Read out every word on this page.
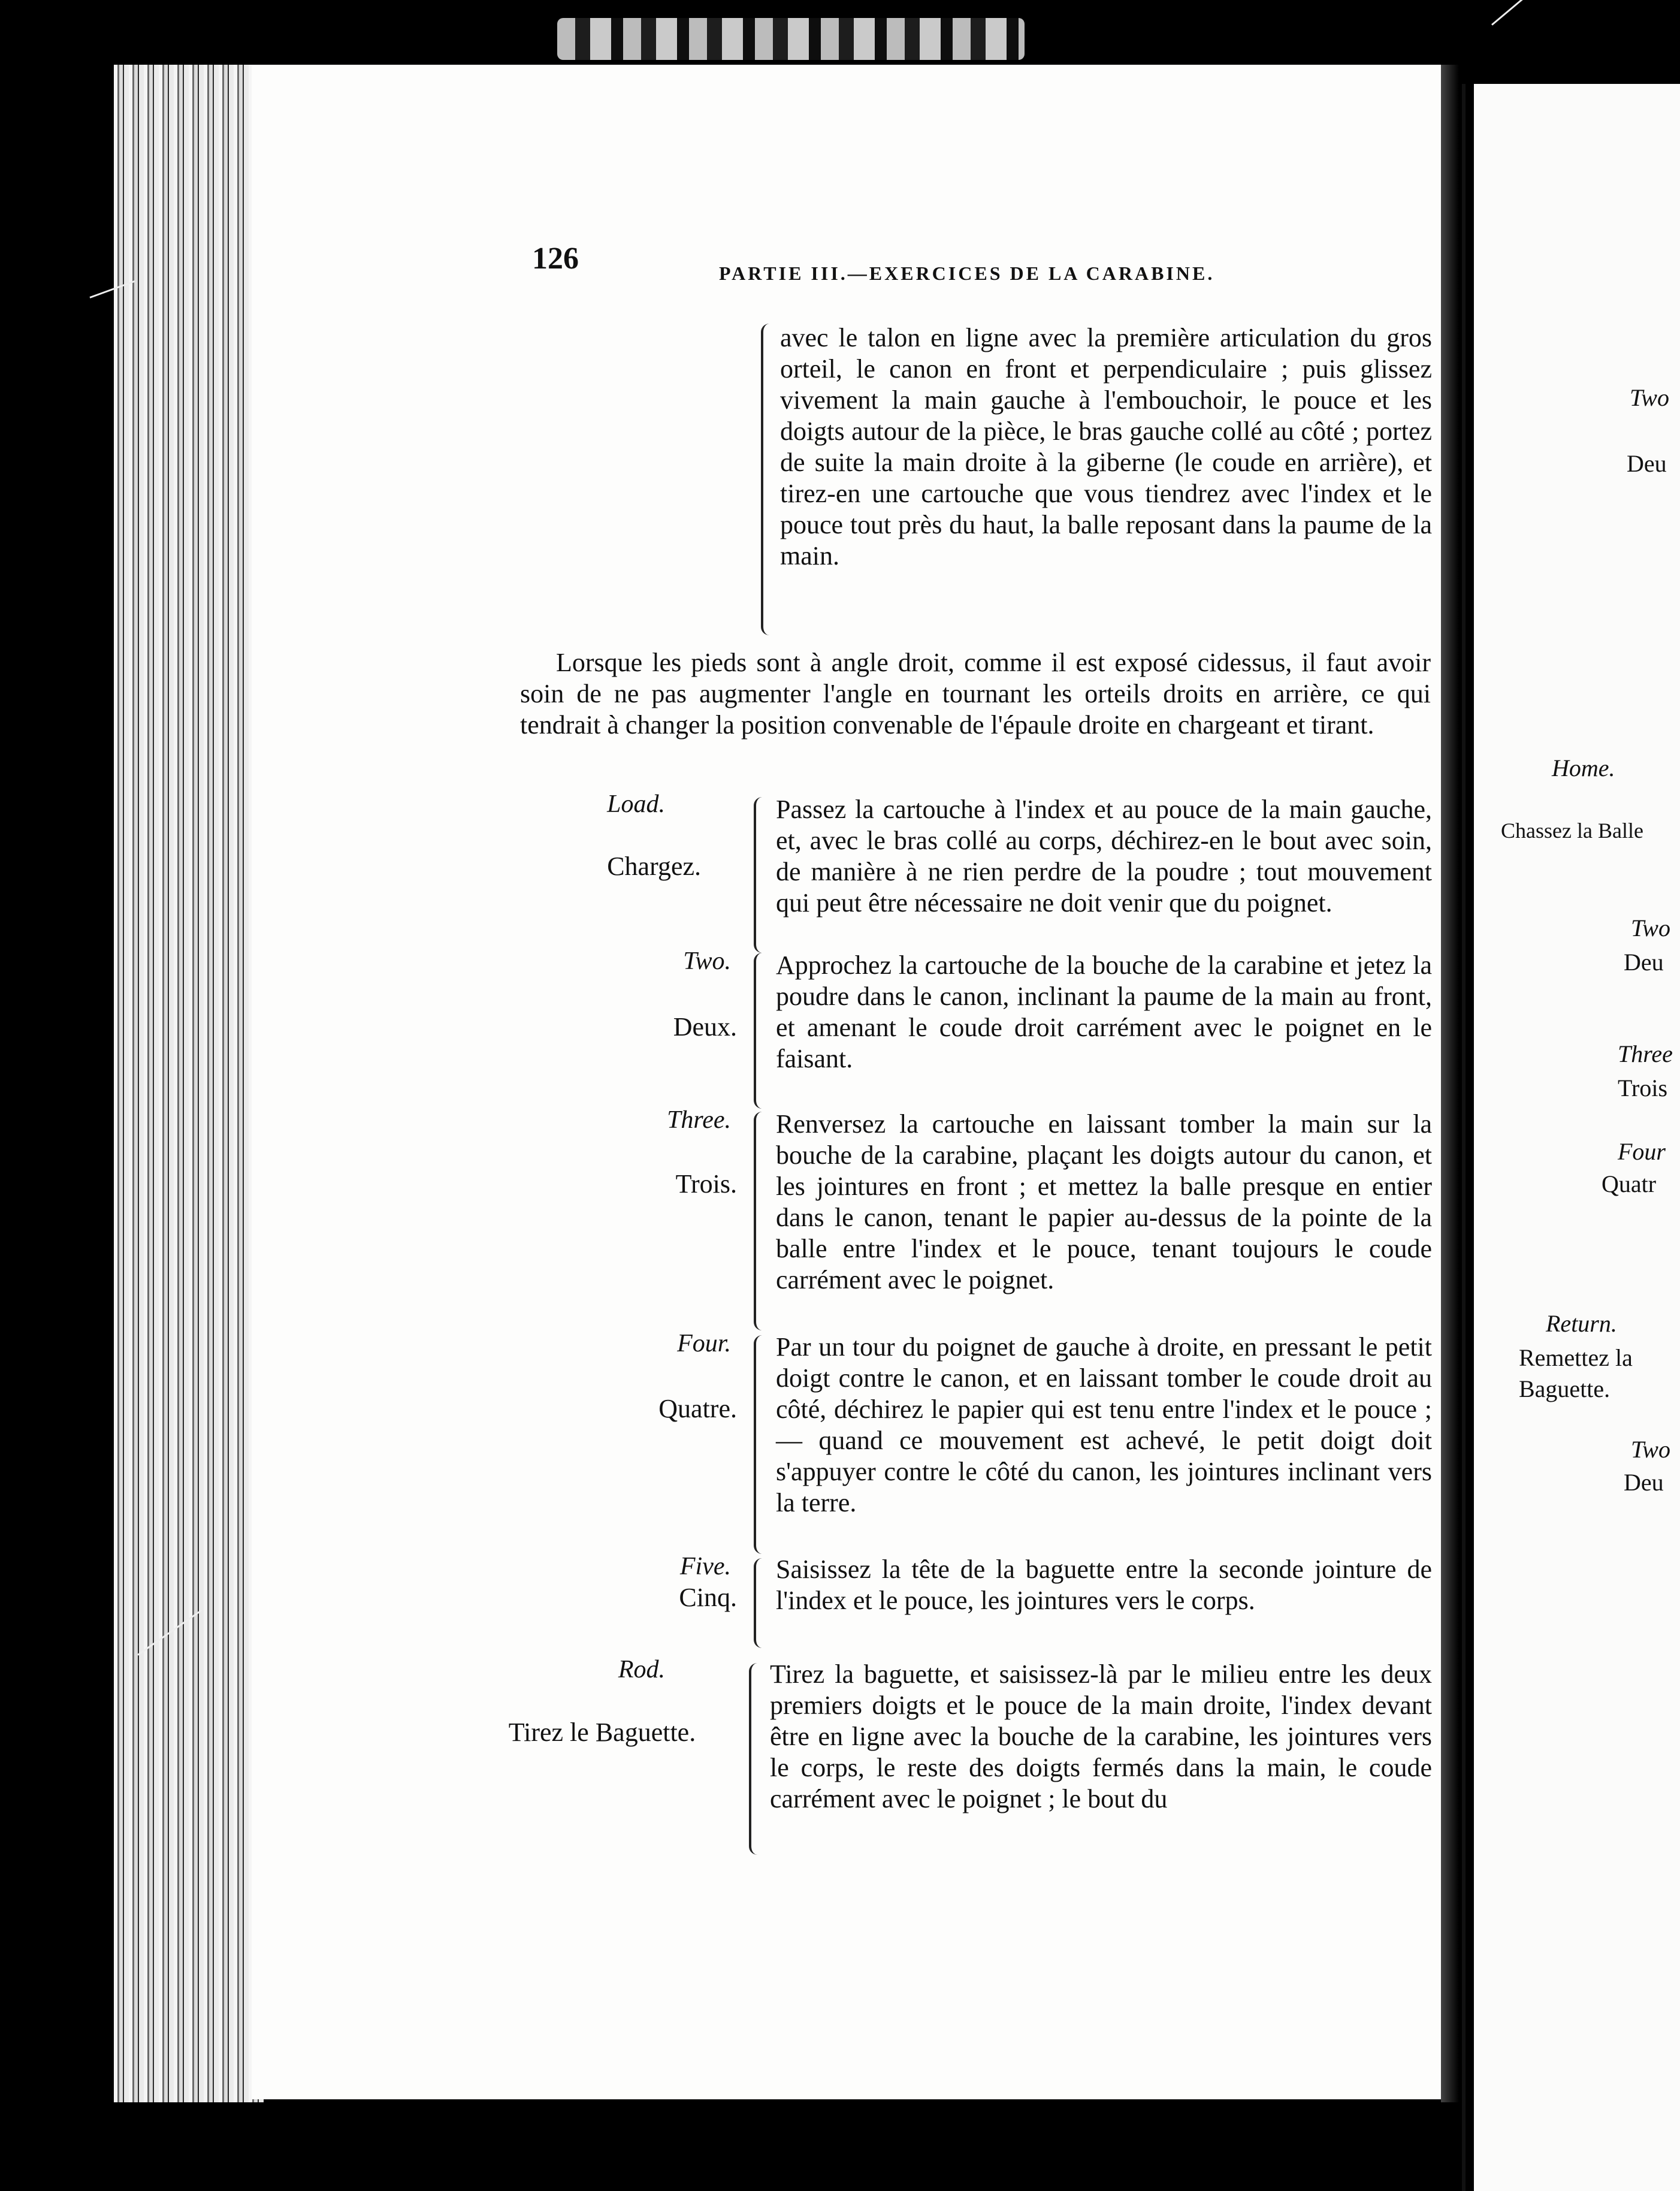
126	PARTIE III.—EXERCICES DE LA CARABINE.
avec le talon en ligne avec la première articulation du gros orteil, le canon en front et perpendiculaire ; puis glissez vivement la main gauche à l'embouchoir, le pouce et les doigts autour de la pièce, le bras gauche collé au côté ; portez de suite la main droite à la giberne (le coude en arrière), et tirez-en une cartouche que vous tiendrez avec l'index et le pouce tout près du haut, la balle reposant dans la paume de la main.
Lorsque les pieds sont à angle droit, comme il est exposé cidessus, il faut avoir soin de ne pas augmenter l'angle en tournant les orteils droits en arrière, ce qui tendrait à changer la position convenable de l'épaule droite en chargeant et tirant.
Load.
Chargez.
Passez la cartouche à l'index et au pouce de la main gauche, et, avec le bras collé au corps, déchirez-en le bout avec soin, de manière à ne rien perdre de la poudre ; tout mouvement qui peut être nécessaire ne doit venir que du poignet.
Two.
Deux.
Approchez la cartouche de la bouche de la carabine et jetez la poudre dans le canon, inclinant la paume de la main au front, et amenant le coude droit carrément avec le poignet en le faisant.
Three.
Trois.
Renversez la cartouche en laissant tomber la main sur la bouche de la carabine, plaçant les doigts autour du canon, et les jointures en front ; et mettez la balle presque en entier dans le canon, tenant le papier au-dessus de la pointe de la balle entre l'index et le pouce, tenant toujours le coude carrément avec le poignet.
Four.
Quatre.
Par un tour du poignet de gauche à droite, en pressant le petit doigt contre le canon, et en laissant tomber le coude droit au côté, déchirez le papier qui est tenu entre l'index et le pouce ;— quand ce mouvement est achevé, le petit doigt doit s'appuyer contre le côté du canon, les jointures inclinant vers la terre.
Five.
Cinq.
Saisissez la tête de la baguette entre la seconde jointure de l'index et le pouce, les jointures vers le corps.
Rod.
Tirez le Baguette.
Tirez la baguette, et saisissez-là par le milieu entre les deux premiers doigts et le pouce de la main droite, l'index devant être en ligne avec la bouche de la carabine, les jointures vers le corps, le reste des doigts fermés dans la main, le coude carrément avec le poignet ; le bout du
Two
Deu
Home.
Chassez la Balle
Two
Deu
Three
Trois
Four
Quatr
Return.
Remettez la Baguette.
Two
Deu
